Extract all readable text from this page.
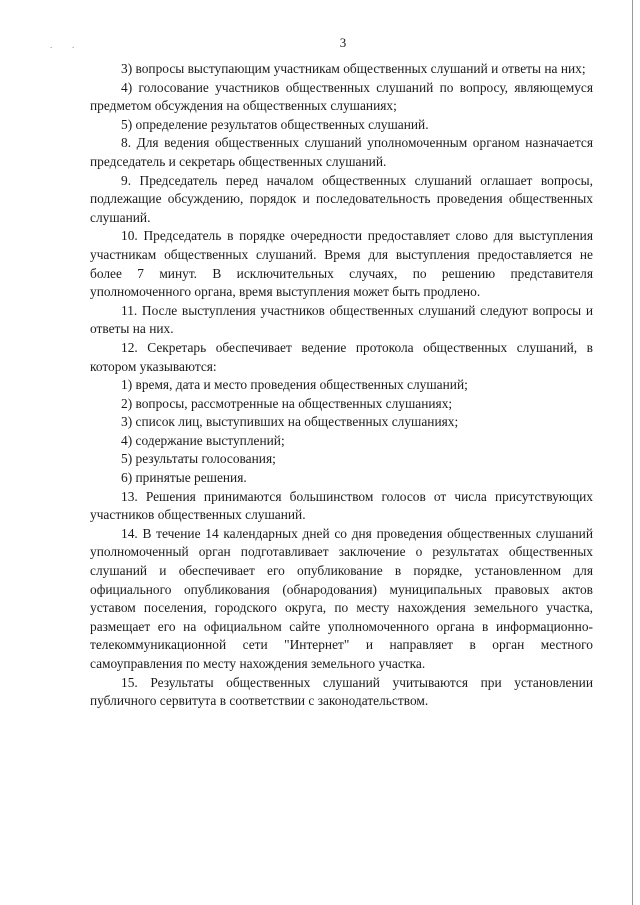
. .	3

3) вопросы выступающим участникам общественных слушаний и ответы на них;

4) голосование участников общественных слушаний по вопросу, являющемуся предметом обсуждения на общественных слушаниях;

5) определение результатов общественных слушаний.

8. Для ведения общественных слушаний уполномоченным органом назначается председатель и секретарь общественных слушаний.

9. Председатель перед началом общественных слушаний оглашает вопросы, подлежащие обсуждению, порядок и последовательность проведения общественных слушаний.

10. Председатель в порядке очередности предоставляет слово для выступления участникам общественных слушаний. Время для выступления предоставляется не более 7 минут. В исключительных случаях, по решению представителя уполномоченного органа, время выступления может быть продлено.

11. После выступления участников общественных слушаний следуют вопросы и ответы на них.

12. Секретарь обеспечивает ведение протокола общественных слушаний, в котором указываются:

1) время, дата и место проведения общественных слушаний;

2) вопросы, рассмотренные на общественных слушаниях;

3) список лиц, выступивших на общественных слушаниях;

4) содержание выступлений;

5) результаты голосования;

6) принятые решения.

13. Решения принимаются большинством голосов от числа присутствующих участников общественных слушаний.

14. В течение 14 календарных дней со дня проведения общественных слушаний уполномоченный орган подготавливает заключение о результатах общественных слушаний и обеспечивает его опубликование в порядке, установленном для официального опубликования (обнародования) муниципальных правовых актов уставом поселения, городского округа, по месту нахождения земельного участка, размещает его на официальном сайте уполномоченного органа в информационно-телекоммуникационной сети "Интернет" и направляет в орган местного самоуправления по месту нахождения земельного участка.

15. Результаты общественных слушаний учитываются при установлении публичного сервитута в соответствии с законодательством.
